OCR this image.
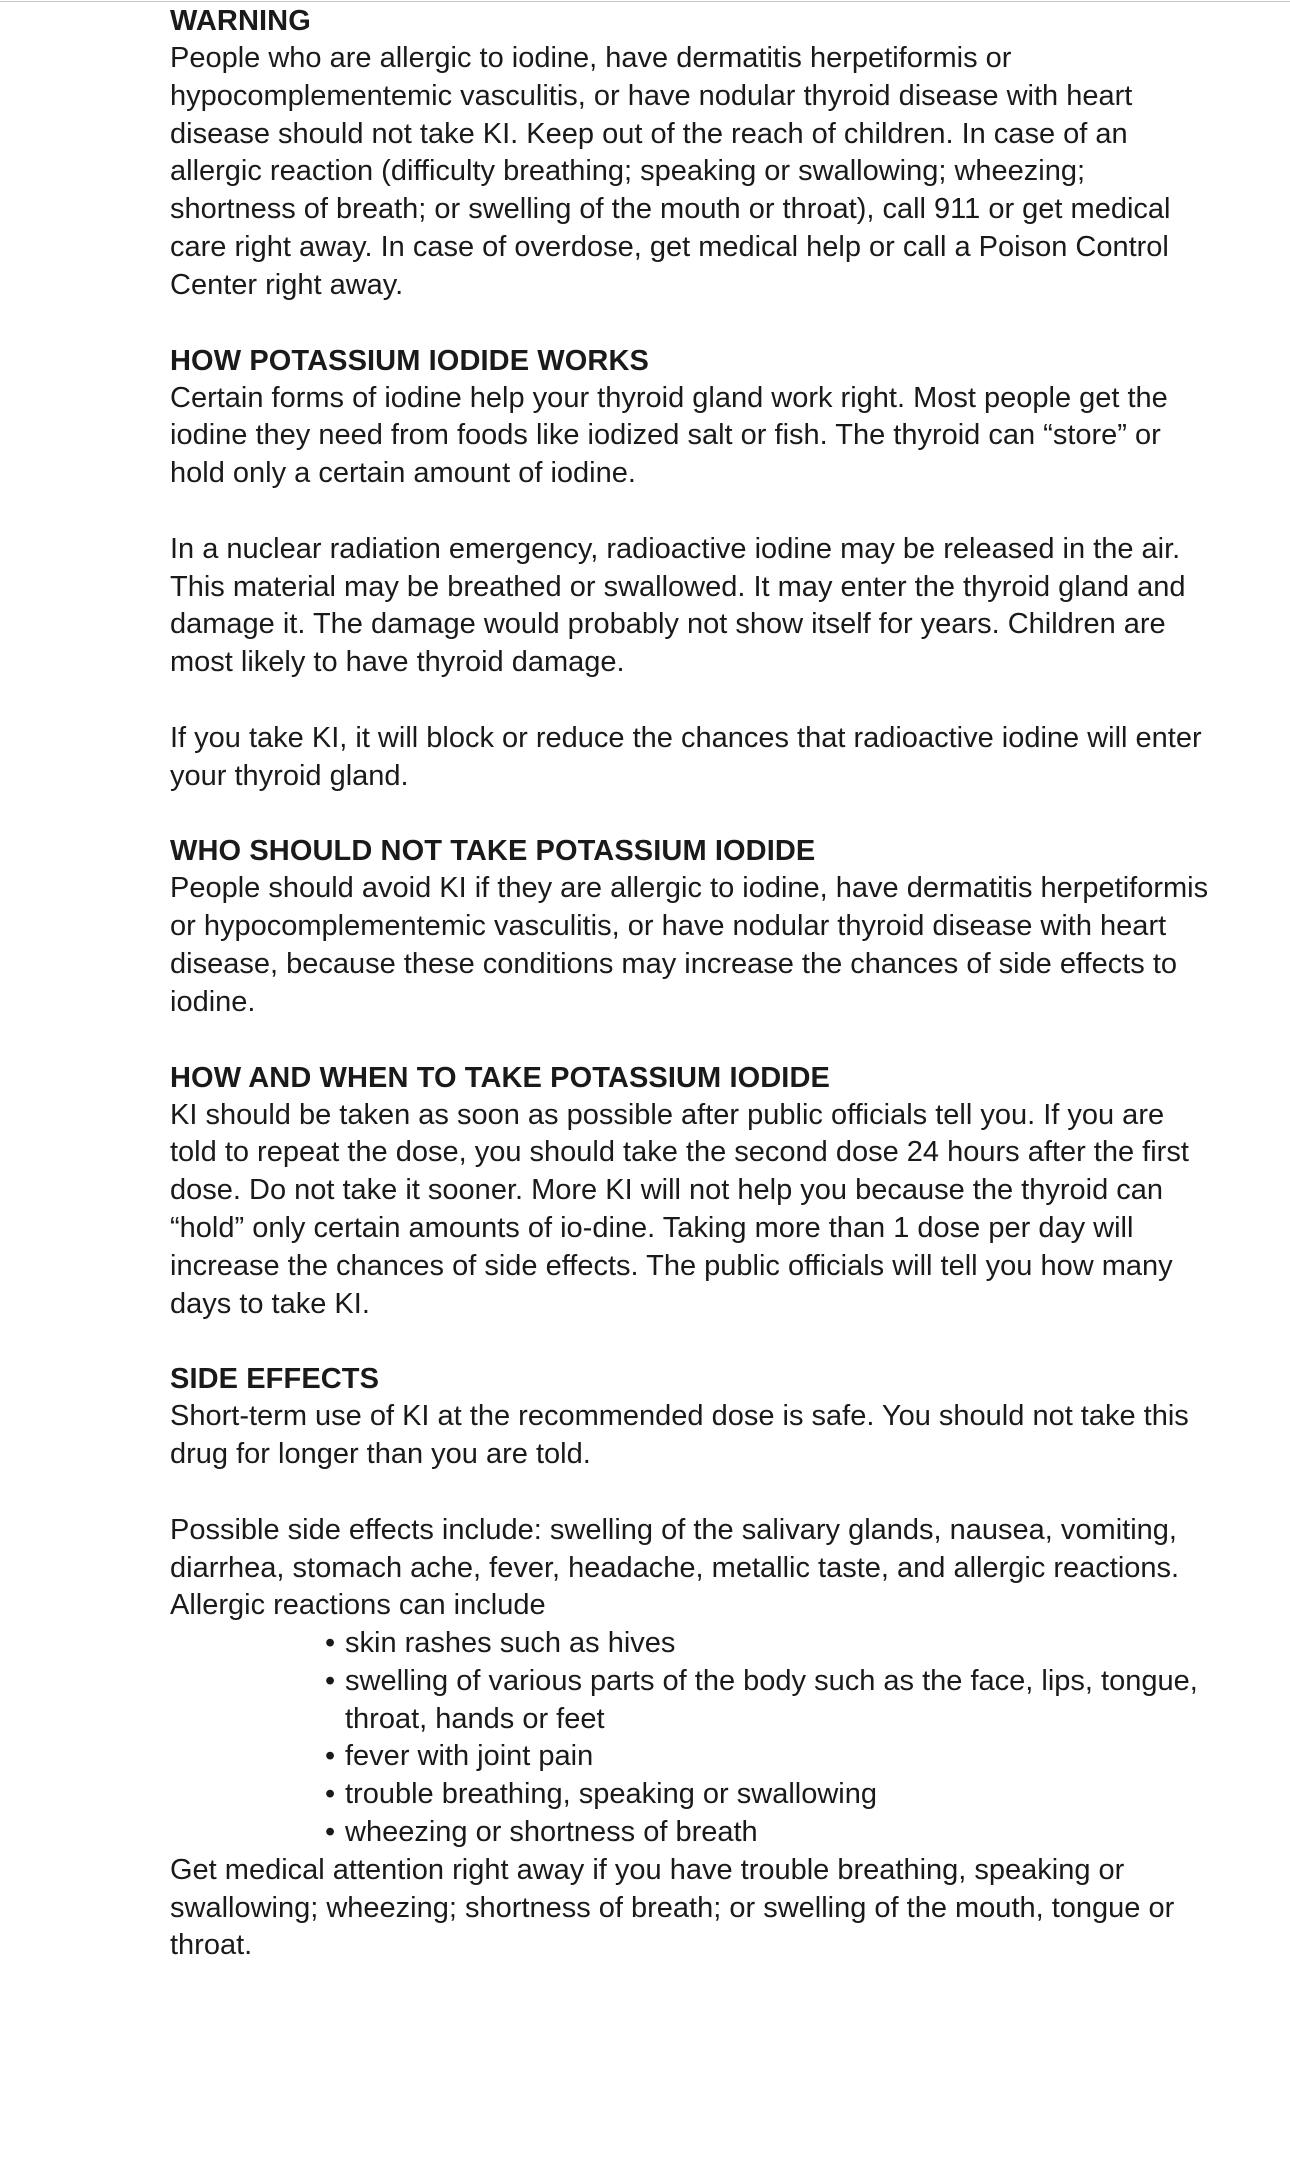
WARNING

People who are allergic to iodine, have dermatitis herpetiformis or hypocomplementemic vasculitis, or have nodular thyroid disease with heart disease should not take KI. Keep out of the reach of children. In case of an allergic reaction (difficulty breathing; speaking or swallowing; wheezing; shortness of breath; or swelling of the mouth or throat), call 911 or get medical care right away. In case of overdose, get medical help or call a Poison Control Center right away.

HOW POTASSIUM IODIDE WORKS

Certain forms of iodine help your thyroid gland work right. Most people get the iodine they need from foods like iodized salt or fish. The thyroid can “store” or hold only a certain amount of iodine.

In a nuclear radiation emergency, radioactive iodine may be released in the air. This material may be breathed or swallowed. It may enter the thyroid gland and damage it. The damage would probably not show itself for years. Children are most likely to have thyroid damage.

If you take KI, it will block or reduce the chances that radioactive iodine will enter your thyroid gland.

WHO SHOULD NOT TAKE POTASSIUM IODIDE

People should avoid KI if they are allergic to iodine, have dermatitis herpetiformis or hypocomplementemic vasculitis, or have nodular thyroid disease with heart disease, because these conditions may increase the chances of side effects to iodine.

HOW AND WHEN TO TAKE POTASSIUM IODIDE

KI should be taken as soon as possible after public officials tell you. If you are told to repeat the dose, you should take the second dose 24 hours after the first dose. Do not take it sooner. More KI will not help you because the thyroid can “hold” only certain amounts of io-dine. Taking more than 1 dose per day will increase the chances of side effects. The public officials will tell you how many days to take KI.

SIDE EFFECTS

Short-term use of KI at the recommended dose is safe. You should not take this drug for longer than you are told.

Possible side effects include: swelling of the salivary glands, nausea, vomiting, diarrhea, stomach ache, fever, headache, metallic taste, and allergic reactions. Allergic reactions can include

• skin rashes such as hives
• swelling of various parts of the body such as the face, lips, tongue, throat, hands or feet
• fever with joint pain
• trouble breathing, speaking or swallowing
• wheezing or shortness of breath

Get medical attention right away if you have trouble breathing, speaking or swallowing; wheezing; shortness of breath; or swelling of the mouth, tongue or throat.
